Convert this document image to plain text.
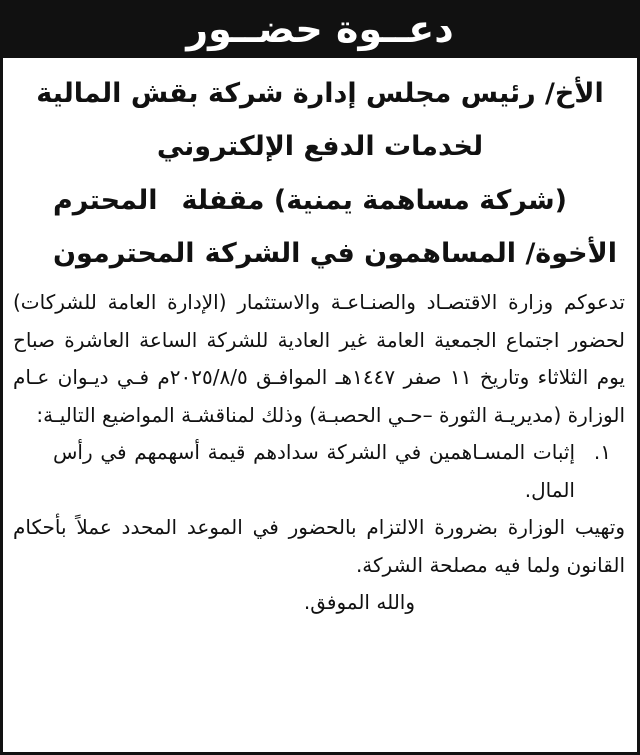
دعــوة حضــور
الأخ/ رئيس مجلس إدارة شركة بقش المالية
لخدمات الدفع الإلكتروني
(شركة مساهمة يمنية) مقفلة
المحترم
الأخوة/ المساهمون في الشركة
المحترمون

تدعوكم وزارة الاقتصـاد والصنـاعـة والاستثمار (الإدارة العامة للشركات) لحضور اجتماع الجمعية العامة غير العادية للشركة الساعة العاشرة صباح يوم الثلاثاء وتاريخ ١١ صفر ١٤٤٧هـ الموافـق ٢٠٢٥/٨/٥م فـي ديـوان عـام الوزارة (مديريـة الثورة –حـي الحصبـة) وذلك لمناقشـة المواضيع التاليـة:

١.
إثبات المسـاهمين في الشركة سدادهم قيمة أسهمهم في رأس المال.

وتهيب الوزارة بضرورة الالتزام بالحضور في الموعد المحدد عملاً بأحكام القانون ولما فيه مصلحة الشركة.

والله الموفق.
